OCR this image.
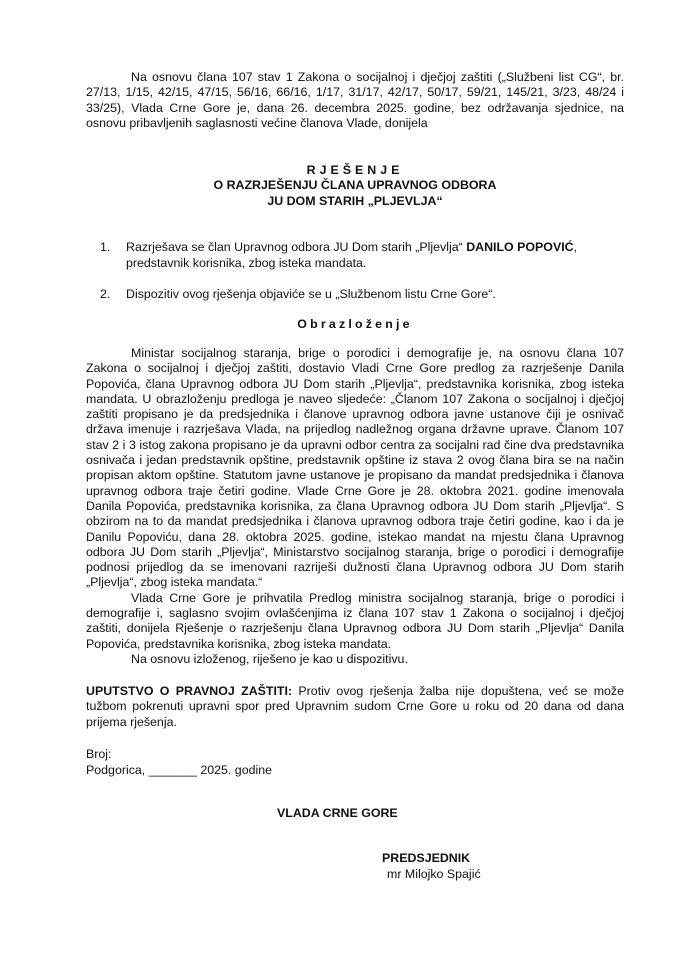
Na osnovu člana 107 stav 1 Zakona o socijalnoj i dječjoj zaštiti („Službeni list CG“, br. 27/13, 1/15, 42/15, 47/15, 56/16, 66/16, 1/17, 31/17, 42/17, 50/17, 59/21, 145/21, 3/23, 48/24 i 33/25), Vlada Crne Gore je, dana 26. decembra 2025. godine, bez održavanja sjednice, na osnovu pribavljenih saglasnosti većine članova Vlade, donijela

RJEŠENJE
O RAZRJEŠENJU ČLANA UPRAVNOG ODBORA
JU DOM STARIH „PLJEVLJA“
1.	Razrješava se član Upravnog odbora JU Dom starih „Pljevlja“ DANILO POPOVIĆ, predstavnik korisnika, zbog isteka mandata.
2.	Dispozitiv ovog rješenja objaviće se u „Službenom listu Crne Gore“.
Obrazloženje

Ministar socijalnog staranja, brige o porodici i demografije je, na osnovu člana 107 Zakona o socijalnoj i dječjoj zaštiti, dostavio Vladi Crne Gore predlog za razrješenje Danila Popovića, člana Upravnog odbora JU Dom starih „Pljevlja“, predstavnika korisnika, zbog isteka mandata. U obrazloženju predloga je naveo sljedeće: „Članom 107 Zakona o socijalnoj i dječjoj zaštiti propisano je da predsjednika i članove upravnog odbora javne ustanove čiji je osnivač država imenuje i razrješava Vlada, na prijedlog nadležnog organa državne uprave. Članom 107 stav 2 i 3 istog zakona propisano je da upravni odbor centra za socijalni rad čine dva predstavnika osnivača i jedan predstavnik opštine, predstavnik opštine iz stava 2 ovog člana bira se na način propisan aktom opštine. Statutom javne ustanove je propisano da mandat predsjednika i članova upravnog odbora traje četiri godine. Vlade Crne Gore je 28. oktobra 2021. godine imenovala Danila Popovića, predstavnika korisnika, za člana Upravnog odbora JU Dom starih „Pljevlja“. S obzirom na to da mandat predsjednika i članova upravnog odbora traje četiri godine, kao i da je Danilu Popoviću, dana 28. oktobra 2025. godine, istekao mandat na mjestu člana Upravnog odbora JU Dom starih „Pljevlja“, Ministarstvo socijalnog staranja, brige o porodici i demografije podnosi prijedlog da se imenovani razriješi dužnosti člana Upravnog odbora JU Dom starih „Pljevlja“, zbog isteka mandata.“

Vlada Crne Gore je prihvatila Predlog ministra socijalnog staranja, brige o porodici i demografije i, saglasno svojim ovlašćenjima iz člana 107 stav 1 Zakona o socijalnoj i dječjoj zaštiti, donijela Rješenje o razrješenju člana Upravnog odbora JU Dom starih „Pljevlja“ Danila Popovića, predstavnika korisnika, zbog isteka mandata.

Na osnovu izloženog, riješeno je kao u dispozitivu.

UPUTSTVO O PRAVNOJ ZAŠTITI: Protiv ovog rješenja žalba nije dopuštena, već se može tužbom pokrenuti upravni spor pred Upravnim sudom Crne Gore u roku od 20 dana od dana prijema rješenja.
Broj:
Podgorica, _______ 2025. godine
VLADA CRNE GORE
PREDSJEDNIK
mr Milojko Spajić
